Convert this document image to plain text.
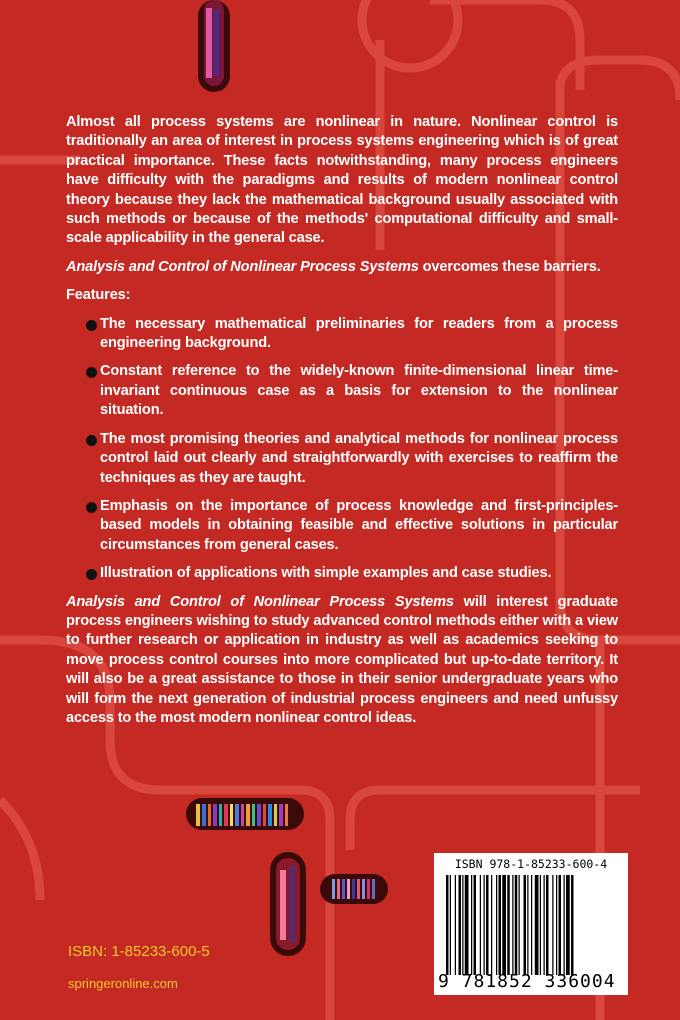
Almost all process systems are nonlinear in nature. Nonlinear control is traditionally an area of interest in process systems engineering which is of great practical importance. These facts notwithstanding, many process engineers have difficulty with the paradigms and results of modern nonlinear control theory because they lack the mathematical background usually associated with such methods or because of the methods' computational difficulty and small-scale applicability in the general case.

Analysis and Control of Nonlinear Process Systems overcomes these barriers.

Features:

The necessary mathematical preliminaries for readers from a process engineering background.
Constant reference to the widely-known finite-dimensional linear time-invariant continuous case as a basis for extension to the nonlinear situation.
The most promising theories and analytical methods for nonlinear process control laid out clearly and straightforwardly with exercises to reaffirm the techniques as they are taught.
Emphasis on the importance of process knowledge and first-principles-based models in obtaining feasible and effective solutions in particular circumstances from general cases.
Illustration of applications with simple examples and case studies.

Analysis and Control of Nonlinear Process Systems will interest graduate process engineers wishing to study advanced control methods either with a view to further research or application in industry as well as academics seeking to move process control courses into more complicated but up-to-date territory. It will also be a great assistance to those in their senior undergraduate years who will form the next generation of industrial process engineers and need unfussy access to the most modern nonlinear control ideas.

ISBN: 1-85233-600-5
springeronline.com
ISBN 978-1-85233-600-4
9 781852 336004
